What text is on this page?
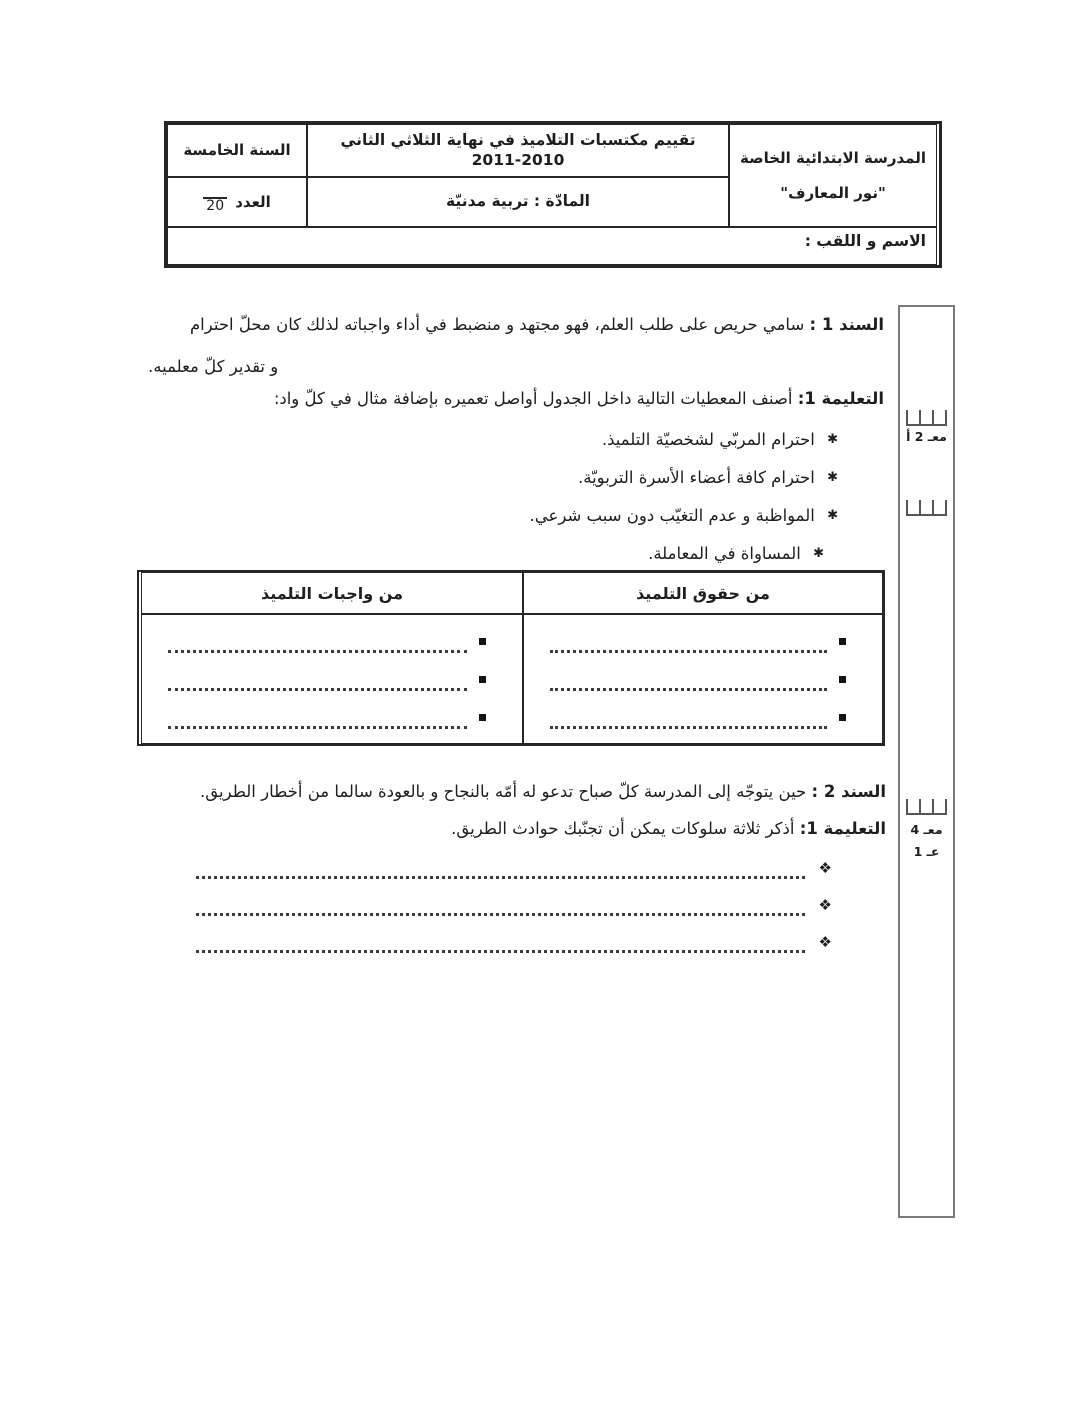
السنة الخامسة
تقييم مكتسبات التلاميذ في نهاية الثلاثي الثاني
2011-2010	المدرسة الابتدائية الخاصة
"نور المعارف"
العدد
20	المادّة : تربية مدنيّة
الاسم و اللقب :
السند 1 : سامي حريص على طلب العلم، فهو مجتهد و منضبط في أداء واجباته لذلك كان محلّ احترام
و تقدير كلّ معلميه.
التعليمة 1: أصنف المعطيات التالية داخل الجدول أواصل تعميره بإضافة مثال في كلّ واد:
✱ احترام المربّي لشخصيّة التلميذ.
✱ احترام كافة أعضاء الأسرة التربويّة.
✱ المواظبة و عدم التغيّب دون سبب شرعي.
✱ المساواة في المعاملة.
من حقوق التلميذ
من واجبات التلميذ
السند 2 : حين يتوجّه إلى المدرسة كلّ صباح تدعو له أمّه بالنجاح و بالعودة سالما من أخطار الطريق.
التعليمة 1: أذكر ثلاثة سلوكات يمكن أن تجنّبك حوادث الطريق.
❖
❖
❖
معـ 2 أ
معـ 4
عـ 1
